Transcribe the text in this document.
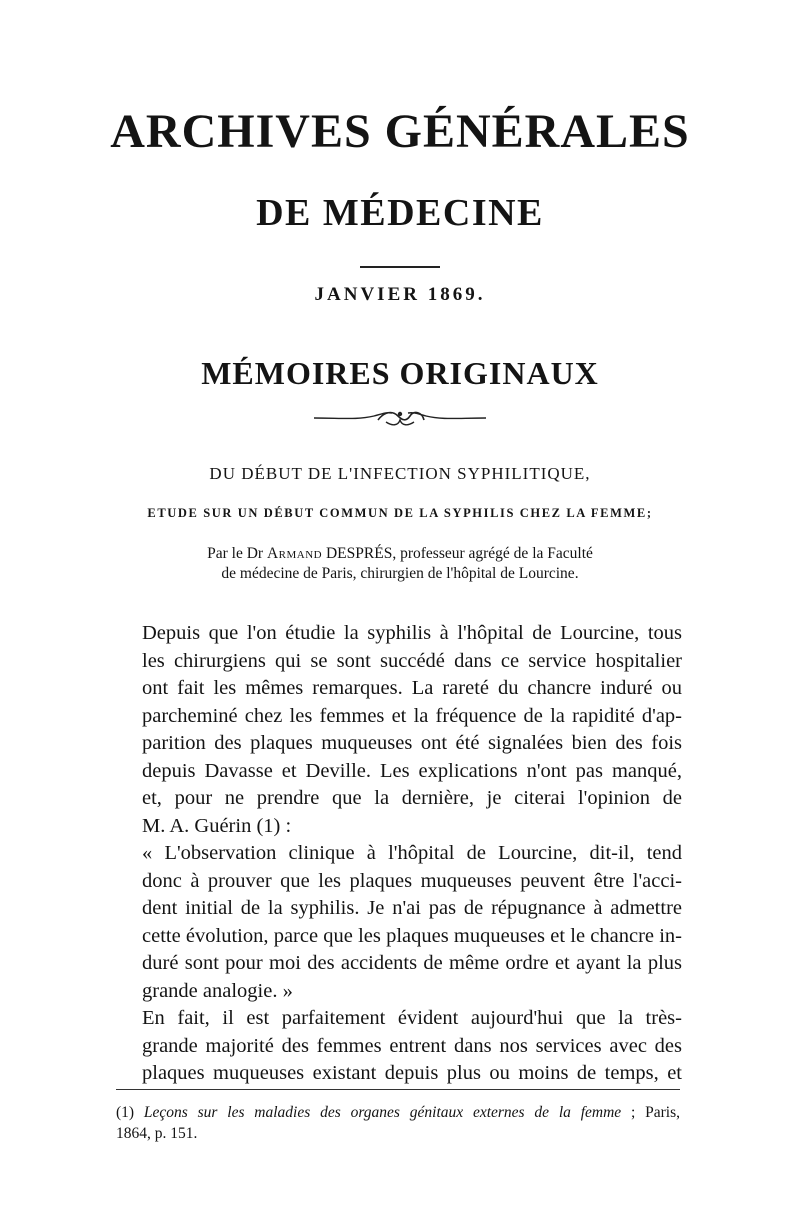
ARCHIVES GÉNÉRALES
DE MÉDECINE
JANVIER 1869.
MÉMOIRES ORIGINAUX
DU DÉBUT DE L'INFECTION SYPHILITIQUE,
ETUDE SUR UN DÉBUT COMMUN DE LA SYPHILIS CHEZ LA FEMME;
Par le Dr Armand DESPRÉS, professeur agrégé de la Faculté
de médecine de Paris, chirurgien de l'hôpital de Lourcine.
Depuis que l'on étudie la syphilis à l'hôpital de Lourcine, tous
les chirurgiens qui se sont succédé dans ce service hospitalier
ont fait les mêmes remarques. La rareté du chancre induré ou
parcheminé chez les femmes et la fréquence de la rapidité d'ap-
parition des plaques muqueuses ont été signalées bien des fois
depuis Davasse et Deville. Les explications n'ont pas manqué,
et, pour ne prendre que la dernière, je citerai l'opinion de
M. A. Guérin (1) :
« L'observation clinique à l'hôpital de Lourcine, dit-il, tend
donc à prouver que les plaques muqueuses peuvent être l'acci-
dent initial de la syphilis. Je n'ai pas de répugnance à admettre
cette évolution, parce que les plaques muqueuses et le chancre in-
duré sont pour moi des accidents de même ordre et ayant la plus
grande analogie. »
En fait, il est parfaitement évident aujourd'hui que la très-
grande majorité des femmes entrent dans nos services avec des
plaques muqueuses existant depuis plus ou moins de temps, et
(1) Leçons sur les maladies des organes génitaux externes de la femme ; Paris,
1864, p. 151.
